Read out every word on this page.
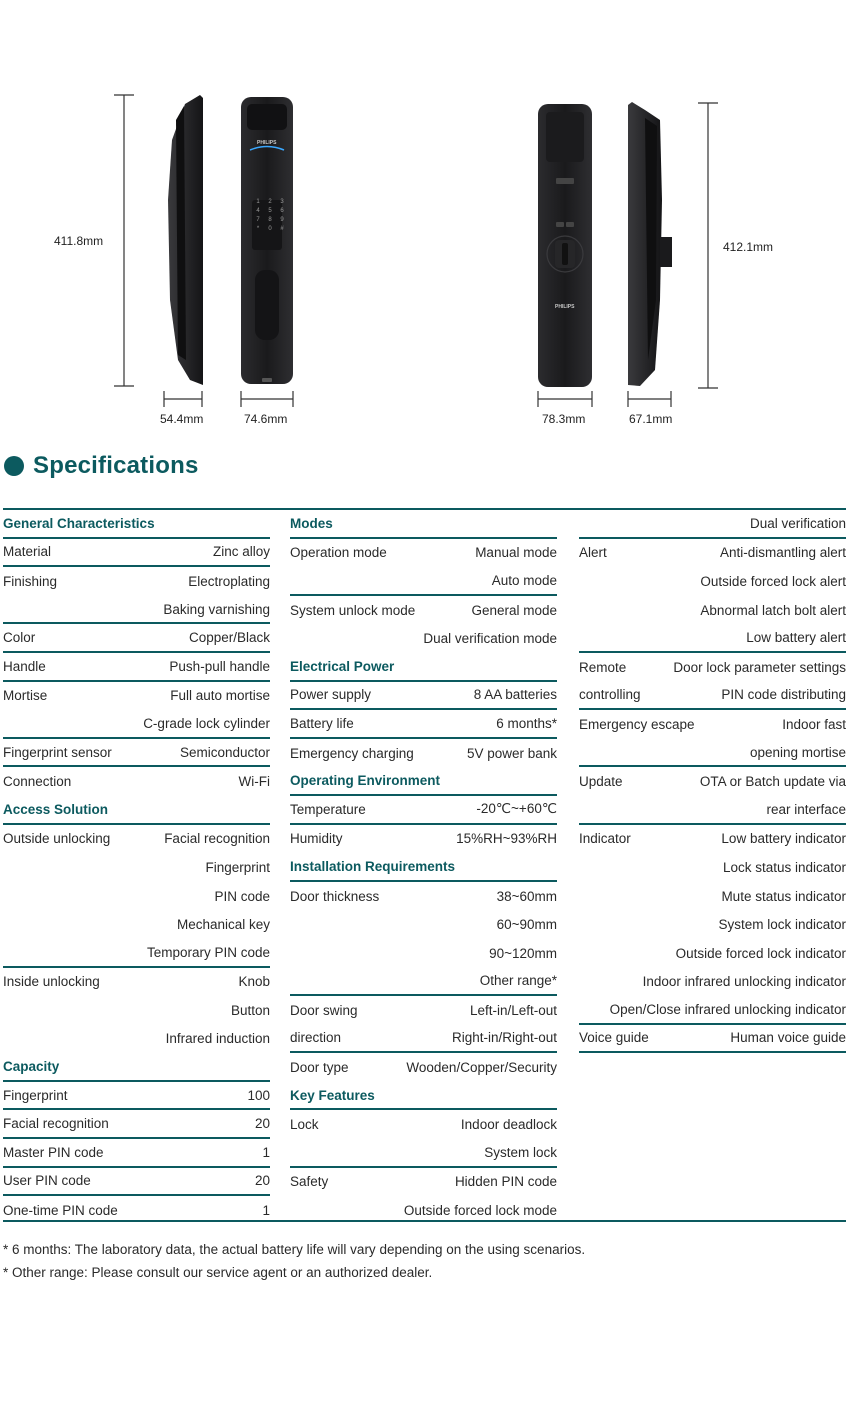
PHILIPS
PHILIPS
1	2	3
4	5	6
7	8	9
*	0	#
411.8mm
54.4mm	74.6mm	78.3mm	67.1mm
412.1mm
Specifications
General Characteristics
Material	Zinc alloy
Finishing	Electroplating
Baking varnishing
Color	Copper/Black
Handle	Push-pull handle
Mortise	Full auto mortise
C-grade lock cylinder
Fingerprint sensor	Semiconductor
Connection	Wi-Fi
Access Solution
Outside unlocking	Facial recognition
Fingerprint
PIN code
Mechanical key
Temporary PIN code
Inside unlocking	Knob
Button
Infrared induction
Capacity
Fingerprint	100
Facial recognition	20
Master PIN code	1
User PIN code	20
One-time PIN code	1
Modes
Operation mode	Manual mode
Auto mode
System unlock mode	General mode
Dual verification mode
Electrical Power
Power supply	8 AA batteries
Battery life	6 months*
Emergency charging	5V power bank
Operating Environment
Temperature	-20℃~+60℃
Humidity	15%RH~93%RH
Installation Requirements
Door thickness	38~60mm
60~90mm
90~120mm
Other range*
Door swing	Left-in/Left-out
direction	Right-in/Right-out
Door type	Wooden/Copper/Security
Key Features
Lock	Indoor deadlock
System lock
Safety	Hidden PIN code
Outside forced lock mode
Dual verification
Alert	Anti-dismantling alert
Outside forced lock alert
Abnormal latch bolt alert
Low battery alert
Remote	Door lock parameter settings
controlling	PIN code distributing
Emergency escape	Indoor fast
opening mortise
Update	OTA or Batch update via
rear interface
Indicator	Low battery indicator
Lock status indicator
Mute status indicator
System lock indicator
Outside forced lock indicator
Indoor infrared unlocking indicator
Open/Close infrared unlocking indicator
Voice guide	Human voice guide
* 6 months: The laboratory data, the actual battery life will vary depending on the using scenarios.
* Other range: Please consult our service agent or an authorized dealer.
